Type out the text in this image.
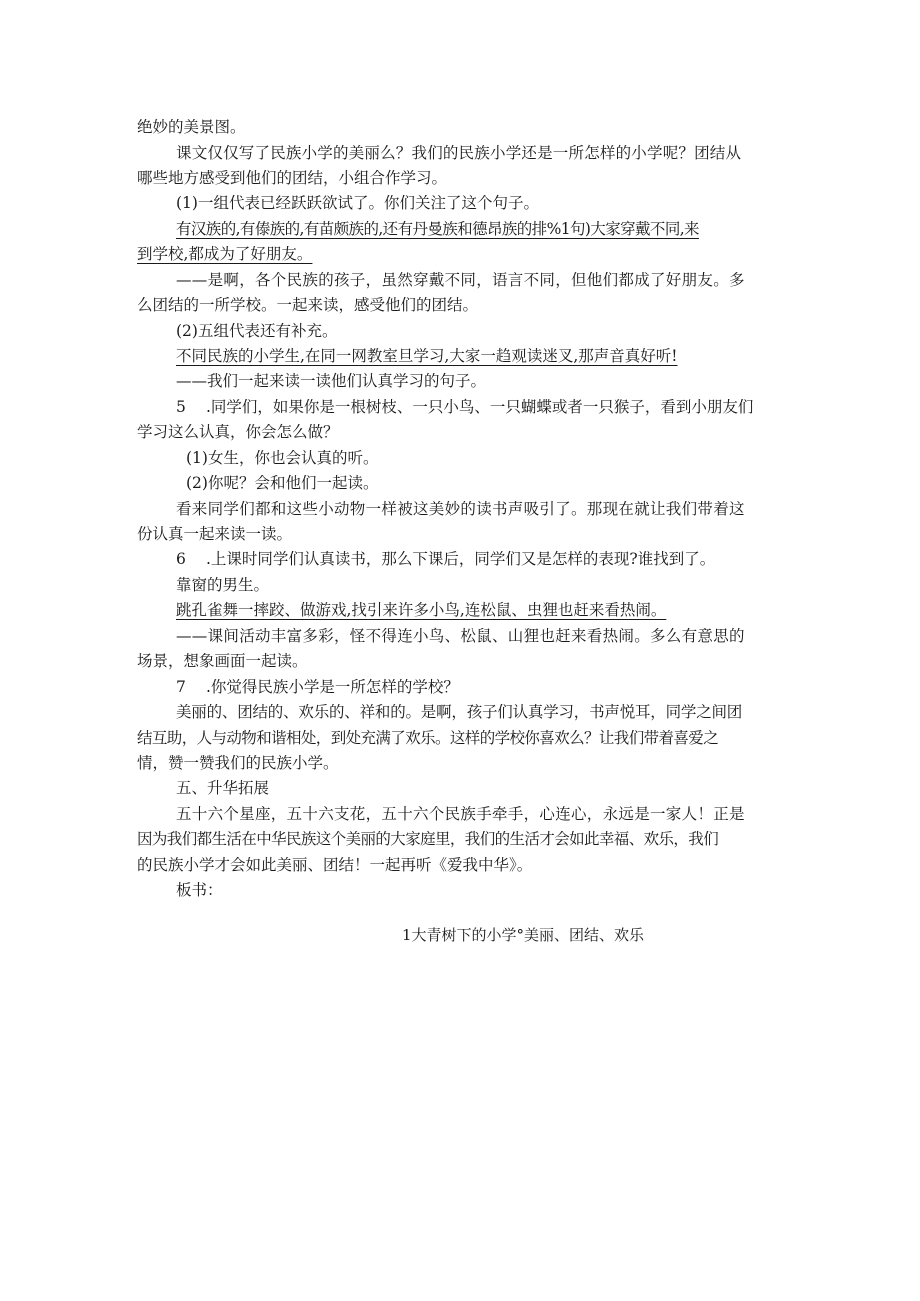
绝妙的美景图。
课文仅仅写了民族小学的美丽么？我们的民族小学还是一所怎样的小学呢？团结从
哪些地方感受到他们的团结，小组合作学习。
(1)一组代表已经跃跃欲试了。你们关注了这个句子。
有汉族的,有傣族的,有苗颇族的,还有丹曼族和德昂族的排%1句)大家穿戴不同,来
到学校,都成为了好朋友。
——是啊，各个民族的孩子，虽然穿戴不同，语言不同，但他们都成了好朋友。多
么团结的一所学校。一起来读，感受他们的团结。
(2)五组代表还有补充。
不同民族的小学生,在同一网教室旦学习,大家一趋观读迷叉,那声音真好听!
——我们一起来读一读他们认真学习的句子。
5 .同学们，如果你是一根树枝、一只小鸟、一只蝴蝶或者一只猴子，看到小朋友们
学习这么认真，你会怎么做？
(1)女生，你也会认真的听。
(2)你呢？会和他们一起读。
看来同学们都和这些小动物一样被这美妙的读书声吸引了。那现在就让我们带着这
份认真一起来读一读。
6 .上课时同学们认真读书，那么下课后，同学们又是怎样的表现?谁找到了。
靠窗的男生。
跳孔雀舞一摔跤、做游戏,找引来许多小鸟,连松鼠、虫狸也赶来看热闹。
——课间活动丰富多彩，怪不得连小鸟、松鼠、山狸也赶来看热闹。多么有意思的
场景，想象画面一起读。
7 .你觉得民族小学是一所怎样的学校？
美丽的、团结的、欢乐的、祥和的。是啊，孩子们认真学习，书声悦耳，同学之间团
结互助，人与动物和谐相处，到处充满了欢乐。这样的学校你喜欢么？让我们带着喜爱之
情，赞一赞我们的民族小学。
五、升华拓展
五十六个星座，五十六支花，五十六个民族手牵手，心连心，永远是一家人！正是
因为我们都生活在中华民族这个美丽的大家庭里，我们的生活才会如此幸福、欢乐，我们
的民族小学才会如此美丽、团结！一起再听《爱我中华》。
板书：
1大青树下的小学°美丽、团结、欢乐
